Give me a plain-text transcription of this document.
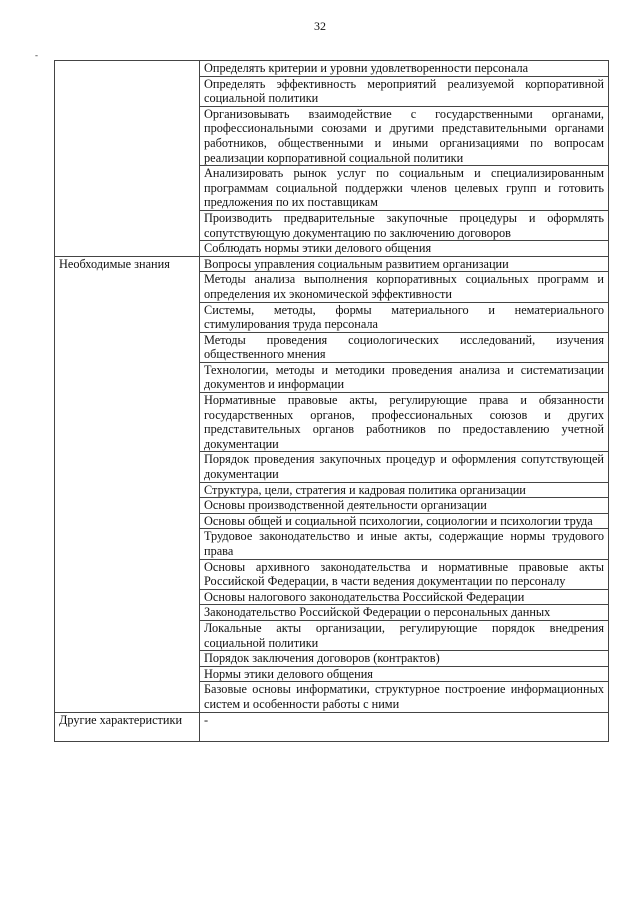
32
-
	Определять критерии и уровни удовлетворенности персонала
	Определять эффективность мероприятий реализуемой корпоративной социальной политики
	Организовывать взаимодействие с государственными органами, профессиональными союзами и другими представительными органами работников, общественными и иными организациями по вопросам реализации корпоративной социальной политики
	Анализировать рынок услуг по социальным и специализированным программам социальной поддержки членов целевых групп и готовить предложения по их поставщикам
	Производить предварительные закупочные процедуры и оформлять сопутствующую документацию по заключению договоров
	Соблюдать нормы этики делового общения
Необходимые знания	Вопросы управления социальным развитием организации
	Методы анализа выполнения корпоративных социальных программ и определения их экономической эффективности
	Системы, методы, формы материального и нематериального стимулирования труда персонала
	Методы проведения социологических исследований, изучения общественного мнения
	Технологии, методы и методики проведения анализа и систематизации документов и информации
	Нормативные правовые акты, регулирующие права и обязанности государственных органов, профессиональных союзов и других представительных органов работников по предоставлению учетной документации
	Порядок проведения закупочных процедур и оформления сопутствующей документации
	Структура, цели, стратегия и кадровая политика организации
	Основы производственной деятельности организации
	Основы общей и социальной психологии, социологии и психологии труда
	Трудовое законодательство и иные акты, содержащие нормы трудового права
	Основы архивного законодательства и нормативные правовые акты Российской Федерации, в части ведения документации по персоналу
	Основы налогового законодательства Российской Федерации
	Законодательство Российской Федерации о персональных данных
	Локальные акты организации, регулирующие порядок внедрения социальной политики
	Порядок заключения договоров (контрактов)
	Нормы этики делового общения
	Базовые основы информатики, структурное построение информационных систем и особенности работы с ними
Другие характеристики	-
